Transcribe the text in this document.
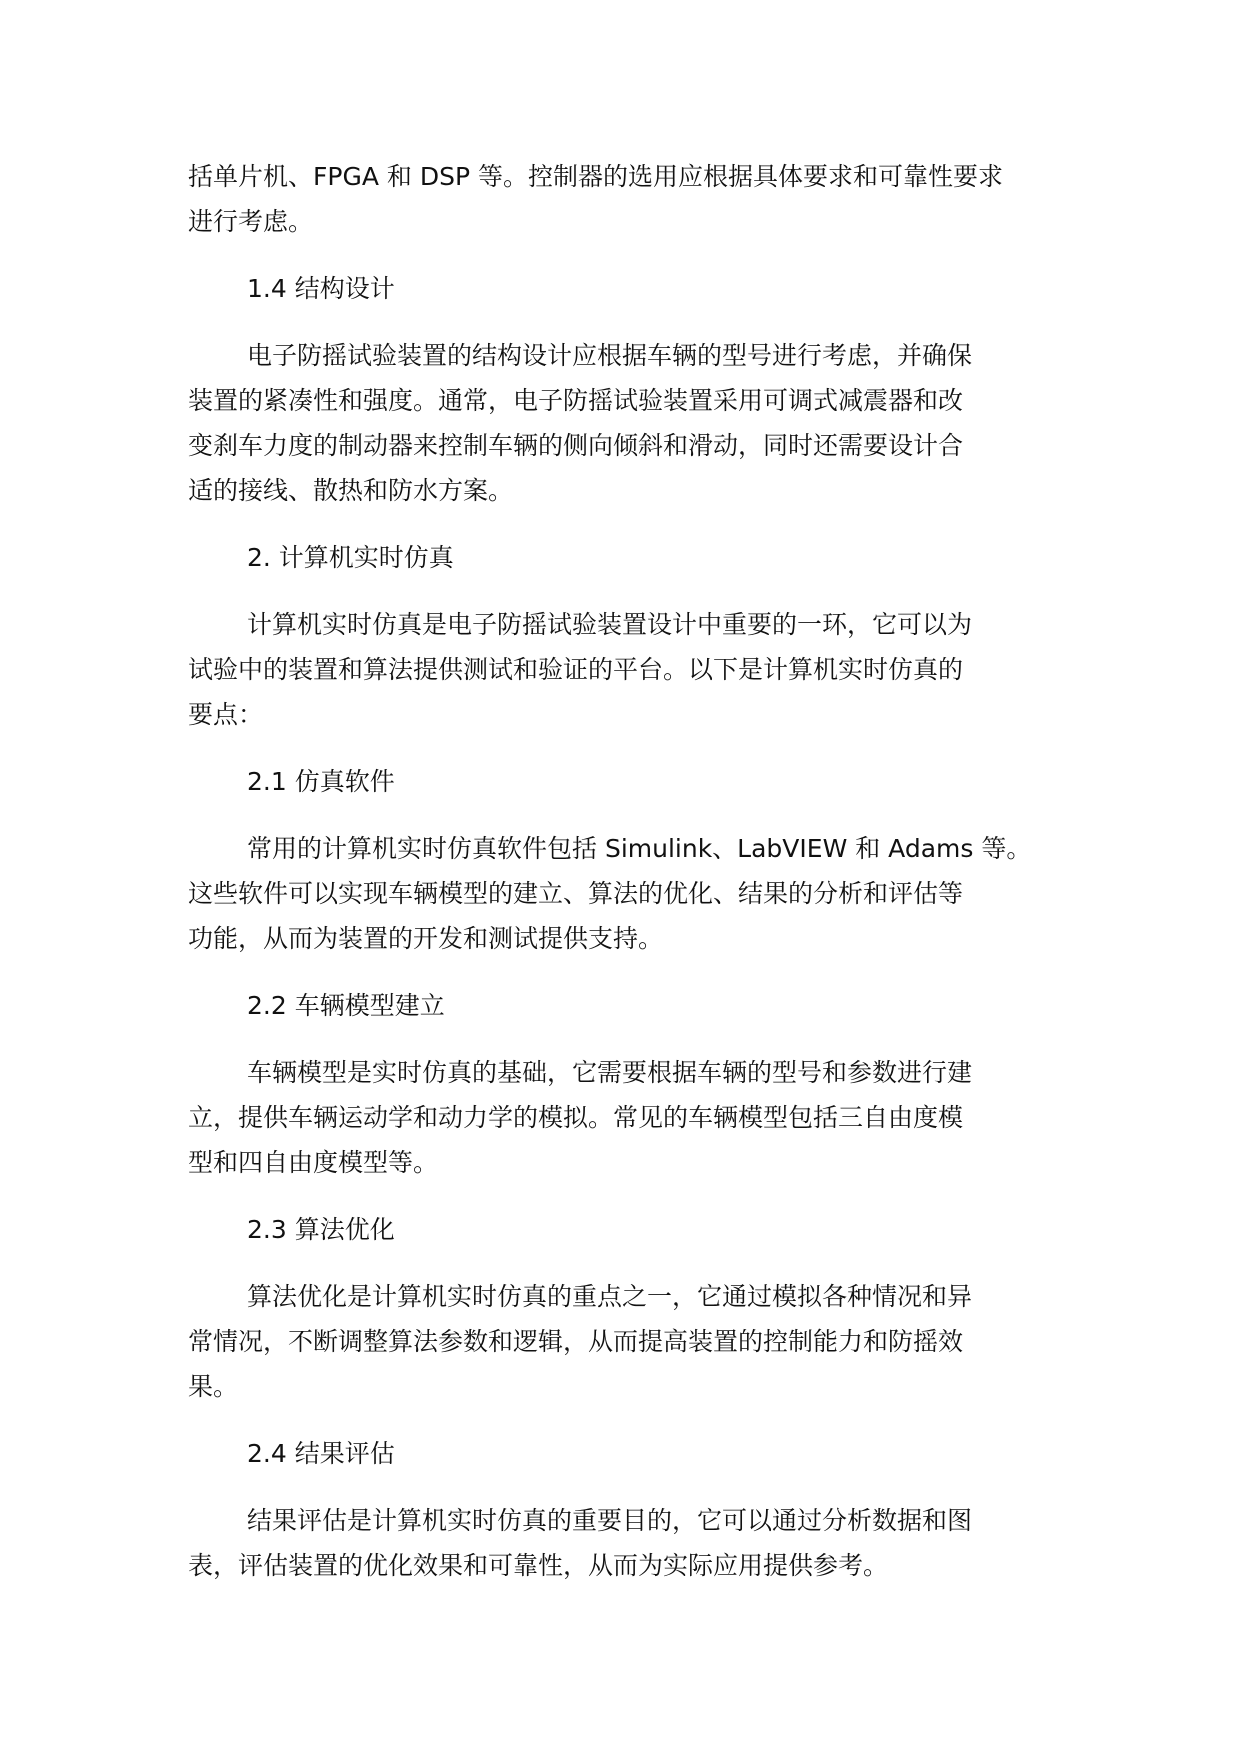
括单片机、FPGA 和 DSP 等。控制器的选用应根据具体要求和可靠性要求
进行考虑。
1.4 结构设计
电子防摇试验装置的结构设计应根据车辆的型号进行考虑，并确保
装置的紧凑性和强度。通常，电子防摇试验装置采用可调式减震器和改
变刹车力度的制动器来控制车辆的侧向倾斜和滑动，同时还需要设计合
适的接线、散热和防水方案。
2. 计算机实时仿真
计算机实时仿真是电子防摇试验装置设计中重要的一环，它可以为
试验中的装置和算法提供测试和验证的平台。以下是计算机实时仿真的
要点：
2.1 仿真软件
常用的计算机实时仿真软件包括 Simulink、LabVIEW 和 Adams 等。
这些软件可以实现车辆模型的建立、算法的优化、结果的分析和评估等
功能，从而为装置的开发和测试提供支持。
2.2 车辆模型建立
车辆模型是实时仿真的基础，它需要根据车辆的型号和参数进行建
立，提供车辆运动学和动力学的模拟。常见的车辆模型包括三自由度模
型和四自由度模型等。
2.3 算法优化
算法优化是计算机实时仿真的重点之一，它通过模拟各种情况和异
常情况，不断调整算法参数和逻辑，从而提高装置的控制能力和防摇效
果。
2.4 结果评估
结果评估是计算机实时仿真的重要目的，它可以通过分析数据和图
表，评估装置的优化效果和可靠性，从而为实际应用提供参考。
